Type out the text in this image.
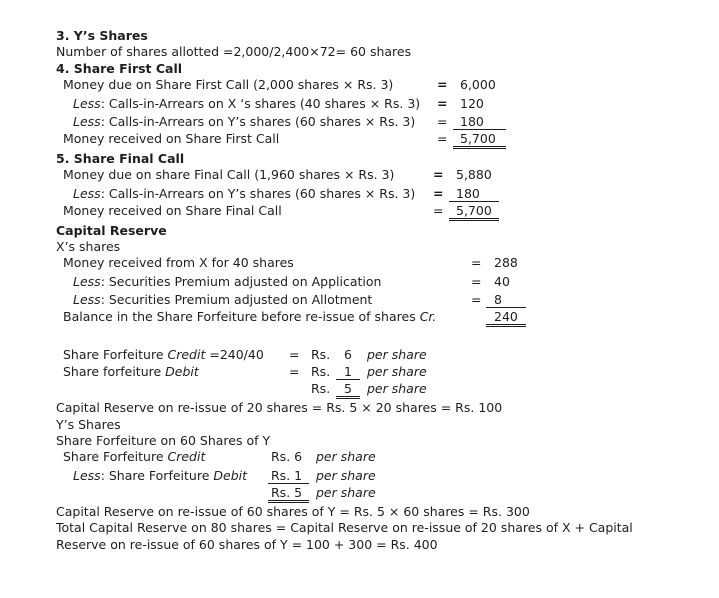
3. Y’s Shares
Number of shares allotted =2,000/2,400×72= 60 shares
4. Share First Call
Money due on Share First Call (2,000 shares × Rs. 3)	= 6,000
Less: Calls-in-Arrears on X ‘s shares (40 shares × Rs. 3) = 120
Less: Calls-in-Arrears on Y’s shares (60 shares × Rs. 3) = 180
Money received on Share First Call	= 5,700
5. Share Final Call
Money due on share Final Call (1,960 shares × Rs. 3)	= 5,880
Less: Calls-in-Arrears on Y’s shares (60 shares × Rs. 3) = 180
Money received on Share Final Call	= 5,700
Capital Reserve
X’s shares
Money received from X for 40 shares	= 288
Less: Securities Premium adjusted on Application	= 40
Less: Securities Premium adjusted on Allotment	= 8
Balance in the Share Forfeiture before re-issue of shares Cr.	240
Share Forfeiture Credit =240/40 = Rs. 6 per share
Share forfeiture Debit	= Rs. 1 per share
Rs. 5 per share
Capital Reserve on re-issue of 20 shares = Rs. 5 × 20 shares = Rs. 100
Y’s Shares
Share Forfeiture on 60 Shares of Y
Share Forfeiture Credit	Rs. 6 per share
Less: Share Forfeiture Debit Rs. 1 per share
Rs. 5 per share
Capital Reserve on re-issue of 60 shares of Y = Rs. 5 × 60 shares = Rs. 300
Total Capital Reserve on 80 shares = Capital Reserve on re-issue of 20 shares of X + Capital
Reserve on re-issue of 60 shares of Y = 100 + 300 = Rs. 400
